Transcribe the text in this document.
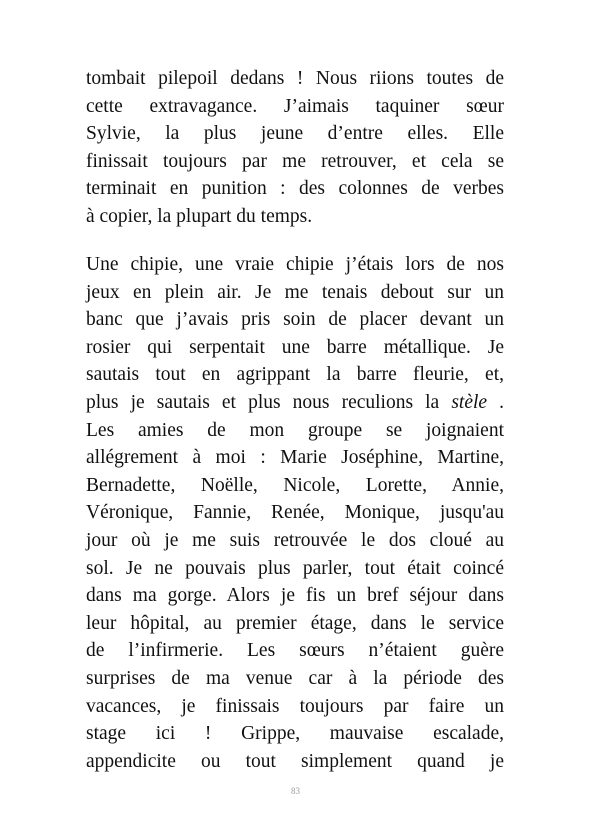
tombait pilepoil dedans ! Nous riions toutes de
cette extravagance. J’aimais taquiner sœur
Sylvie, la plus jeune d’entre elles. Elle
finissait toujours par me retrouver, et cela se
terminait en punition : des colonnes de verbes
à copier, la plupart du temps.
Une chipie, une vraie chipie j’étais lors de nos
jeux en plein air. Je me tenais debout sur un
banc que j’avais pris soin de placer devant un
rosier qui serpentait une barre métallique. Je
sautais tout en agrippant la barre fleurie, et,
plus je sautais et plus nous reculions la stèle .
Les amies de mon groupe se joignaient
allégrement à moi : Marie Joséphine, Martine,
Bernadette, Noëlle, Nicole, Lorette, Annie,
Véronique, Fannie, Renée, Monique, jusqu'au
jour où je me suis retrouvée le dos cloué au
sol. Je ne pouvais plus parler, tout était coincé
dans ma gorge. Alors je fis un bref séjour dans
leur hôpital, au premier étage, dans le service
de l’infirmerie. Les sœurs n’étaient guère
surprises de ma venue car à la période des
vacances, je finissais toujours par faire un
stage ici ! Grippe, mauvaise escalade,
appendicite ou tout simplement quand je
83
